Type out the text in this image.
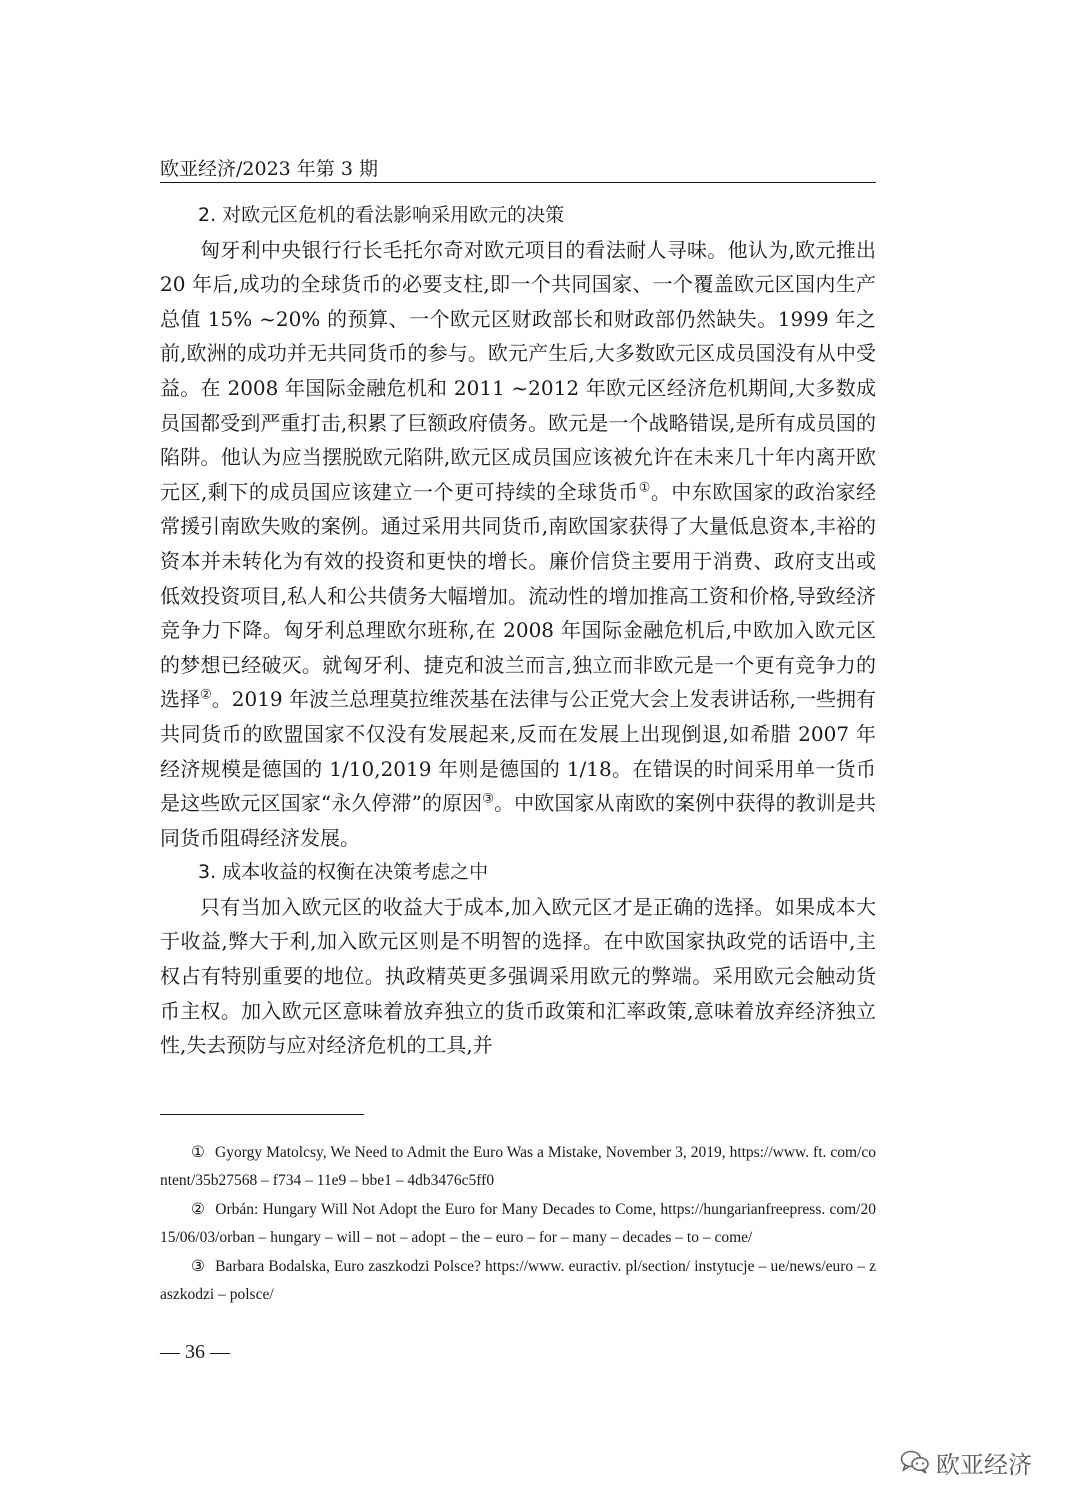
欧亚经济/2023 年第 3 期
2. 对欧元区危机的看法影响采用欧元的决策

匈牙利中央银行行长毛托尔奇对欧元项目的看法耐人寻味。他认为,欧元推出 20 年后,成功的全球货币的必要支柱,即一个共同国家、一个覆盖欧元区国内生产总值 15% ~20% 的预算、一个欧元区财政部长和财政部仍然缺失。1999 年之前,欧洲的成功并无共同货币的参与。欧元产生后,大多数欧元区成员国没有从中受益。在 2008 年国际金融危机和 2011 ~2012 年欧元区经济危机期间,大多数成员国都受到严重打击,积累了巨额政府债务。欧元是一个战略错误,是所有成员国的陷阱。他认为应当摆脱欧元陷阱,欧元区成员国应该被允许在未来几十年内离开欧元区,剩下的成员国应该建立一个更可持续的全球货币①。中东欧国家的政治家经常援引南欧失败的案例。通过采用共同货币,南欧国家获得了大量低息资本,丰裕的资本并未转化为有效的投资和更快的增长。廉价信贷主要用于消费、政府支出或低效投资项目,私人和公共债务大幅增加。流动性的增加推高工资和价格,导致经济竞争力下降。匈牙利总理欧尔班称,在 2008 年国际金融危机后,中欧加入欧元区的梦想已经破灭。就匈牙利、捷克和波兰而言,独立而非欧元是一个更有竞争力的选择②。2019 年波兰总理莫拉维茨基在法律与公正党大会上发表讲话称,一些拥有共同货币的欧盟国家不仅没有发展起来,反而在发展上出现倒退,如希腊 2007 年经济规模是德国的 1/10,2019 年则是德国的 1/18。在错误的时间采用单一货币是这些欧元区国家“永久停滞”的原因③。中欧国家从南欧的案例中获得的教训是共同货币阻碍经济发展。

3. 成本收益的权衡在决策考虑之中

只有当加入欧元区的收益大于成本,加入欧元区才是正确的选择。如果成本大于收益,弊大于利,加入欧元区则是不明智的选择。在中欧国家执政党的话语中,主权占有特别重要的地位。执政精英更多强调采用欧元的弊端。采用欧元会触动货币主权。加入欧元区意味着放弃独立的货币政策和汇率政策,意味着放弃经济独立性,失去预防与应对经济危机的工具,并

① Gyorgy Matolcsy, We Need to Admit the Euro Was a Mistake, November 3, 2019, https://www. ft. com/content/35b27568 – f734 – 11e9 – bbe1 – 4db3476c5ff0

② Orbán: Hungary Will Not Adopt the Euro for Many Decades to Come, https://hungarianfreepress. com/2015/06/03/orban – hungary – will – not – adopt – the – euro – for – many – decades – to – come/

③ Barbara Bodalska, Euro zaszkodzi Polsce? https://www. euractiv. pl/section/ instytucje – ue/news/euro – zaszkodzi – polsce/

— 36 —
欧亚经济
